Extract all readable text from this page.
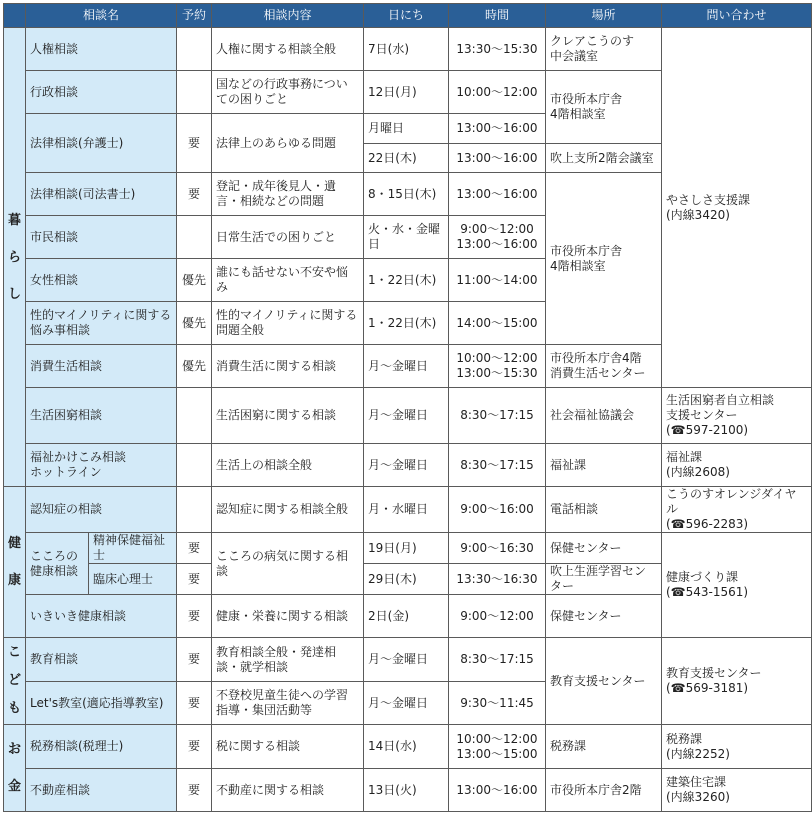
	相談名		予約	相談内容	日にち	時間	場所	問い合わせ
暮
ら
し	人権相談			人権に関する相談全般	7日(水)	13:30～15:30	クレアこうのす
中会議室	やさしさ支援課
(内線3420)
	行政相談			国などの行政事務についての困りごと	12日(月)	10:00～12:00	市役所本庁舎
4階相談室	
	法律相談(弁護士)		要	法律上のあらゆる問題	月曜日	13:00～16:00		
					22日(木)	13:00～16:00	吹上支所2階会議室	
	法律相談(司法書士)		要	登記・成年後見人・遺言・相続などの問題	8・15日(木)	13:00～16:00	市役所本庁舎
4階相談室	
	市民相談			日常生活での困りごと	火・水・金曜日	9:00～12:00
13:00～16:00		
	女性相談		優先	誰にも話せない不安や悩み	1・22日(木)	11:00～14:00		
	性的マイノリティに関する悩み事相談		優先	性的マイノリティに関する問題全般	1・22日(木)	14:00～15:00		
	消費生活相談		優先	消費生活に関する相談	月～金曜日	10:00～12:00
13:00～15:30	市役所本庁舎4階
消費生活センター	
	生活困窮相談			生活困窮に関する相談	月～金曜日	8:30～17:15	社会福祉協議会	生活困窮者自立相談
支援センター
(☎597-2100)
	福祉かけこみ相談
ホットライン			生活上の相談全般	月～金曜日	8:30～17:15	福祉課	福祉課
(内線2608)
健
康	認知症の相談			認知症に関する相談全般	月・水曜日	9:00～16:00	電話相談	こうのすオレンジダイヤル
(☎596-2283)
	こころの
健康相談	精神保健福祉士	要	こころの病気に関する相談	19日(月)	9:00～16:30	保健センター	健康づくり課
(☎543-1561)
		臨床心理士	要		29日(木)	13:30～16:30	吹上生涯学習センター	
	いきいき健康相談		要	健康・栄養に関する相談	2日(金)	9:00～12:00	保健センター	
こ
ど
も	教育相談		要	教育相談全般・発達相談・就学相談	月～金曜日	8:30～17:15	教育支援センター	教育支援センター
(☎569-3181)
	Let's教室(適応指導教室)		要	不登校児童生徒への学習指導・集団活動等	月～金曜日	9:30～11:45		
お
金	税務相談(税理士)		要	税に関する相談	14日(水)	10:00～12:00
13:00～15:00	税務課	税務課
(内線2252)
	不動産相談		要	不動産に関する相談	13日(火)	13:00～16:00	市役所本庁舎2階	建築住宅課
(内線3260)
